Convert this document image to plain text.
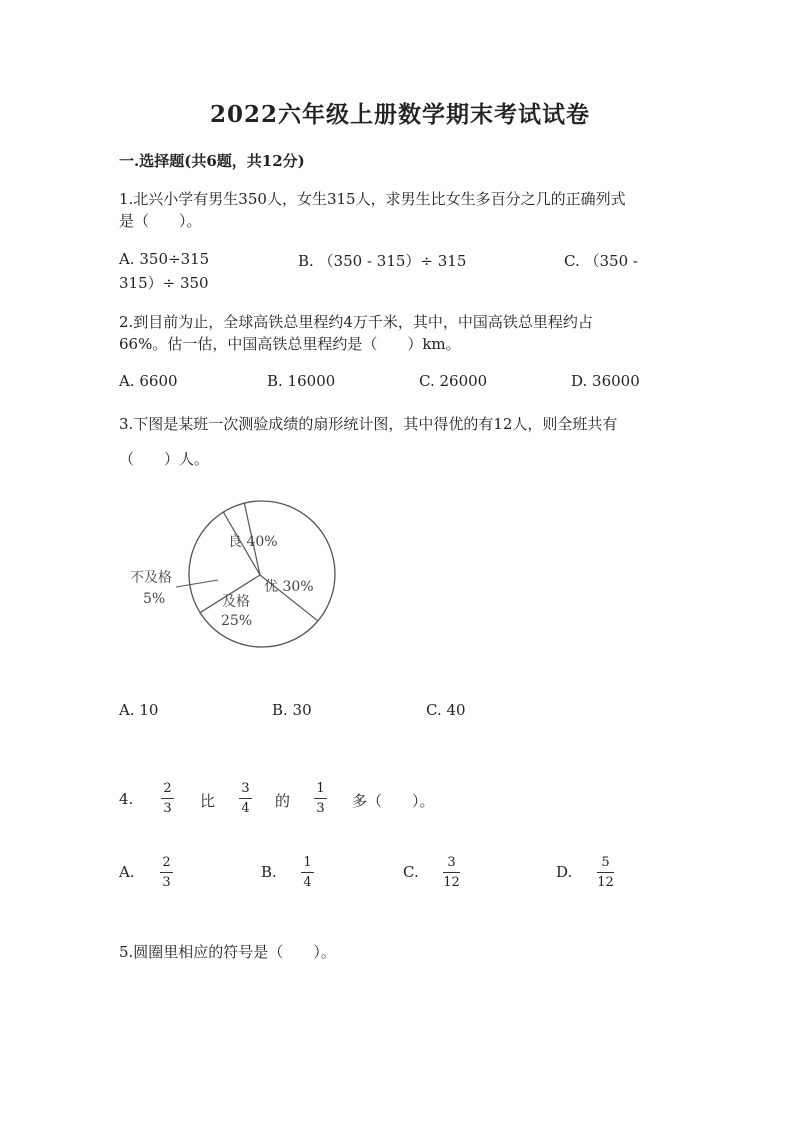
2022六年级上册数学期末考试试卷
一.选择题(共6题，共12分)
1.北兴小学有男生350人，女生315人，求男生比女生多百分之几的正确列式
是（　　）。
A. 350÷315	B. （350 - 315）÷ 315	C. （350 -
315）÷ 350
2.到目前为止，全球高铁总里程约4万千米，其中，中国高铁总里程约占
66%。估一估，中国高铁总里程约是（　　）km。
A. 6600	B. 16000	C. 26000	D. 36000
3.下图是某班一次测验成绩的扇形统计图，其中得优的有12人，则全班共有
（　　）人。
良 40%
优 30%
及格
25%
不及格
5%
A. 10	B. 30	C. 40
4.
2
3 比
3
4 的
1
3 多（　　）。
A.
2
3
B.
1
4
C.
3
12
D.
5
12
5.圆圈里相应的符号是（　　）。
